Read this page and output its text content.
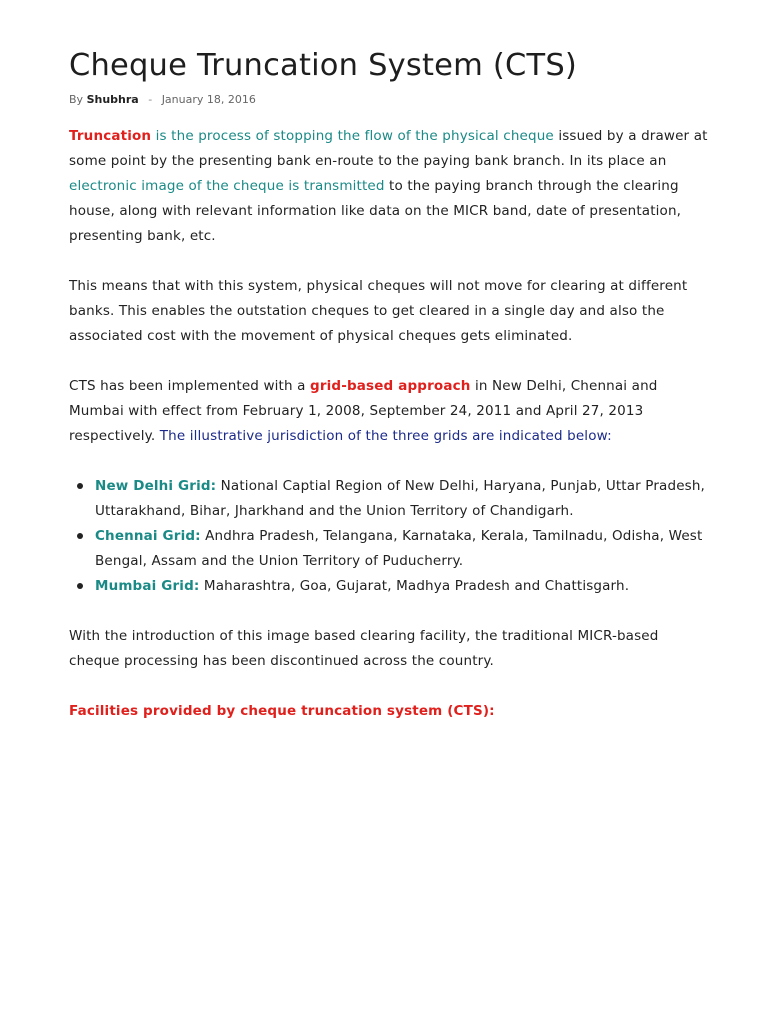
Cheque Truncation System (CTS)
By Shubhra - January 18, 2016

Truncation is the process of stopping the flow of the physical cheque issued by a drawer at some point by the presenting bank en-route to the paying bank branch. In its place an electronic image of the cheque is transmitted to the paying branch through the clearing house, along with relevant information like data on the MICR band, date of presentation, presenting bank, etc.

This means that with this system, physical cheques will not move for clearing at different banks. This enables the outstation cheques to get cleared in a single day and also the associated cost with the movement of physical cheques gets eliminated.

CTS has been implemented with a grid-based approach in New Delhi, Chennai and Mumbai with effect from February 1, 2008, September 24, 2011 and April 27, 2013 respectively. The illustrative jurisdiction of the three grids are indicated below:

New Delhi Grid: National Captial Region of New Delhi, Haryana, Punjab, Uttar Pradesh, Uttarakhand, Bihar, Jharkhand and the Union Territory of Chandigarh.
Chennai Grid: Andhra Pradesh, Telangana, Karnataka, Kerala, Tamilnadu, Odisha, West Bengal, Assam and the Union Territory of Puducherry.
Mumbai Grid: Maharashtra, Goa, Gujarat, Madhya Pradesh and Chattisgarh.

With the introduction of this image based clearing facility, the traditional MICR-based cheque processing has been discontinued across the country.

Facilities provided by cheque truncation system (CTS):
